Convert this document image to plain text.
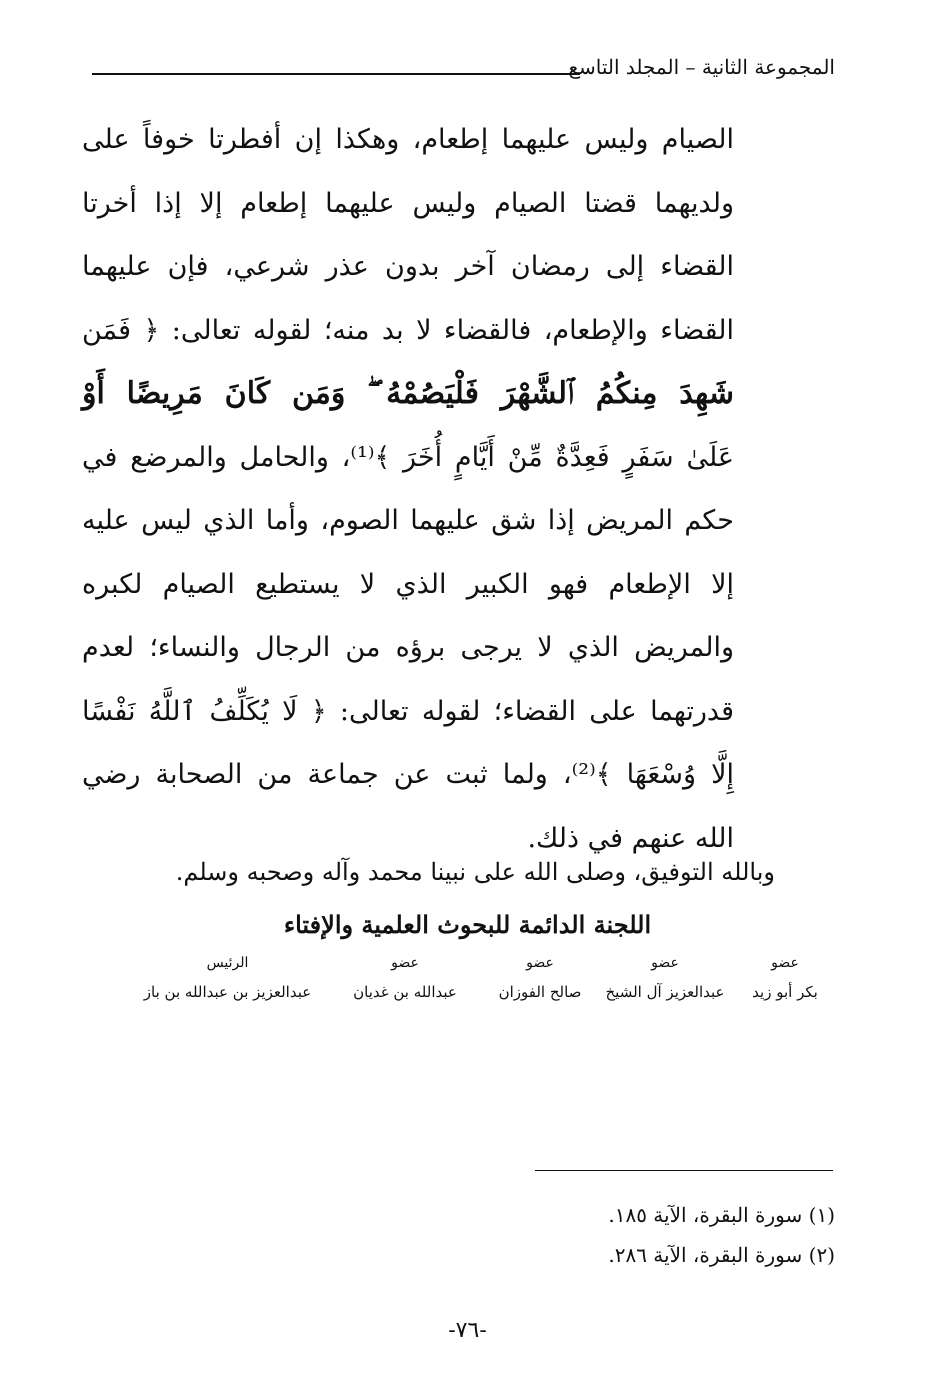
المجموعة الثانية – المجلد التاسع
الصيام وليس عليهما إطعام، وهكذا إن أفطرتا خوفاً على
ولديهما قضتا الصيام وليس عليهما إطعام إلا إذا أخرتا
القضاء إلى رمضان آخر بدون عذر شرعي، فإن عليهما
القضاء والإطعام، فالقضاء لا بد منه؛ لقوله تعالى: ﴿ فَمَن
شَهِدَ مِنكُمُ ٱلشَّهْرَ فَلْيَصُمْهُ ۖ وَمَن كَانَ مَرِيضًا أَوْ
عَلَىٰ سَفَرٍ فَعِدَّةٌ مِّنْ أَيَّامٍ أُخَرَ ﴾⁽¹⁾، والحامل والمرضع في
حكم المريض إذا شق عليهما الصوم، وأما الذي ليس عليه
إلا الإطعام فهو الكبير الذي لا يستطيع الصيام لكبره
والمريض الذي لا يرجى برؤه من الرجال والنساء؛ لعدم
قدرتهما على القضاء؛ لقوله تعالى: ﴿ لَا يُكَلِّفُ ٱللَّهُ نَفْسًا
إِلَّا وُسْعَهَا ﴾⁽²⁾، ولما ثبت عن جماعة من الصحابة رضي
الله عنهم في ذلك.
وبالله التوفيق، وصلى الله على نبينا محمد وآله وصحبه وسلم.
اللجنة الدائمة للبحوث العلمية والإفتاء
عضو
بكر أبو زيد
عضو
عبدالعزيز آل الشيخ
عضو
صالح الفوزان
عضو
عبدالله بن غديان
الرئيس
عبدالعزيز بن عبدالله بن باز
(١) سورة البقرة، الآية ١٨٥.
(٢) سورة البقرة، الآية ٢٨٦.
-٧٦-
